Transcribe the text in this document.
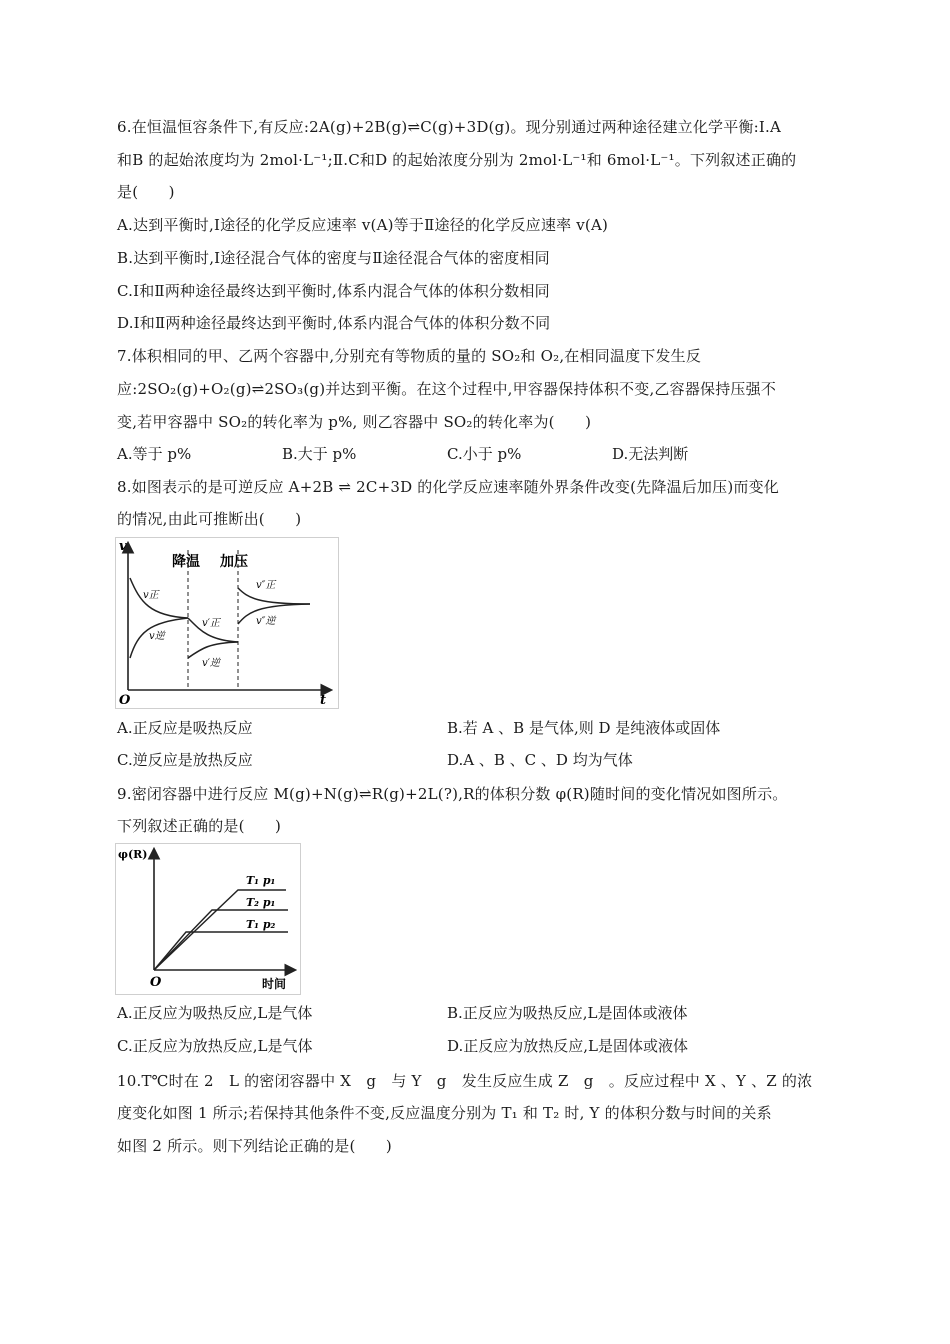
6.在恒温恒容条件下,有反应:2A(g)+2B(g)⇌C(g)+3D(g)。现分别通过两种途径建立化学平衡:Ⅰ.A
和B 的起始浓度均为 2mol·L⁻¹;Ⅱ.C和D 的起始浓度分别为 2mol·L⁻¹和 6mol·L⁻¹。下列叙述正确的
是(　　)
A.达到平衡时,Ⅰ途径的化学反应速率 v(A)等于Ⅱ途径的化学反应速率 v(A)
B.达到平衡时,Ⅰ途径混合气体的密度与Ⅱ途径混合气体的密度相同
C.Ⅰ和Ⅱ两种途径最终达到平衡时,体系内混合气体的体积分数相同
D.Ⅰ和Ⅱ两种途径最终达到平衡时,体系内混合气体的体积分数不同
7.体积相同的甲、乙两个容器中,分别充有等物质的量的 SO₂和 O₂,在相同温度下发生反
应:2SO₂(g)+O₂(g)⇌2SO₃(g)并达到平衡。在这个过程中,甲容器保持体积不变,乙容器保持压强不
变,若甲容器中 SO₂的转化率为 p%, 则乙容器中 SO₂的转化率为(　　)
A.等于 p%	B.大于 p%	C.小于 p%	D.无法判断
8.如图表示的是可逆反应 A+2B ⇌ 2C+3D 的化学反应速率随外界条件改变(先降温后加压)而变化
的情况,由此可推断出(　　)
v
O	t
降温 加压
v正
v逆
v′正
v′逆
v″正
v″逆
A.正反应是吸热反应	B.若 A 、B 是气体,则 D 是纯液体或固体
C.逆反应是放热反应	D.A 、B 、C 、D 均为气体
9.密闭容器中进行反应 M(g)+N(g)⇌R(g)+2L(?),R的体积分数 φ(R)随时间的变化情况如图所示。
下列叙述正确的是(　　)
φ(R)
O	时间
T₁ p₁
T₂ p₁
T₁ p₂
A.正反应为吸热反应,L是气体	B.正反应为吸热反应,L是固体或液体
C.正反应为放热反应,L是气体	D.正反应为放热反应,L是固体或液体
10.T℃时在 2　L 的密闭容器中 X　g　与 Y　g　发生反应生成 Z　g　。反应过程中 X 、Y 、Z 的浓
度变化如图 1 所示;若保持其他条件不变,反应温度分别为 T₁ 和 T₂ 时, Y 的体积分数与时间的关系
如图 2 所示。则下列结论正确的是(　　)
